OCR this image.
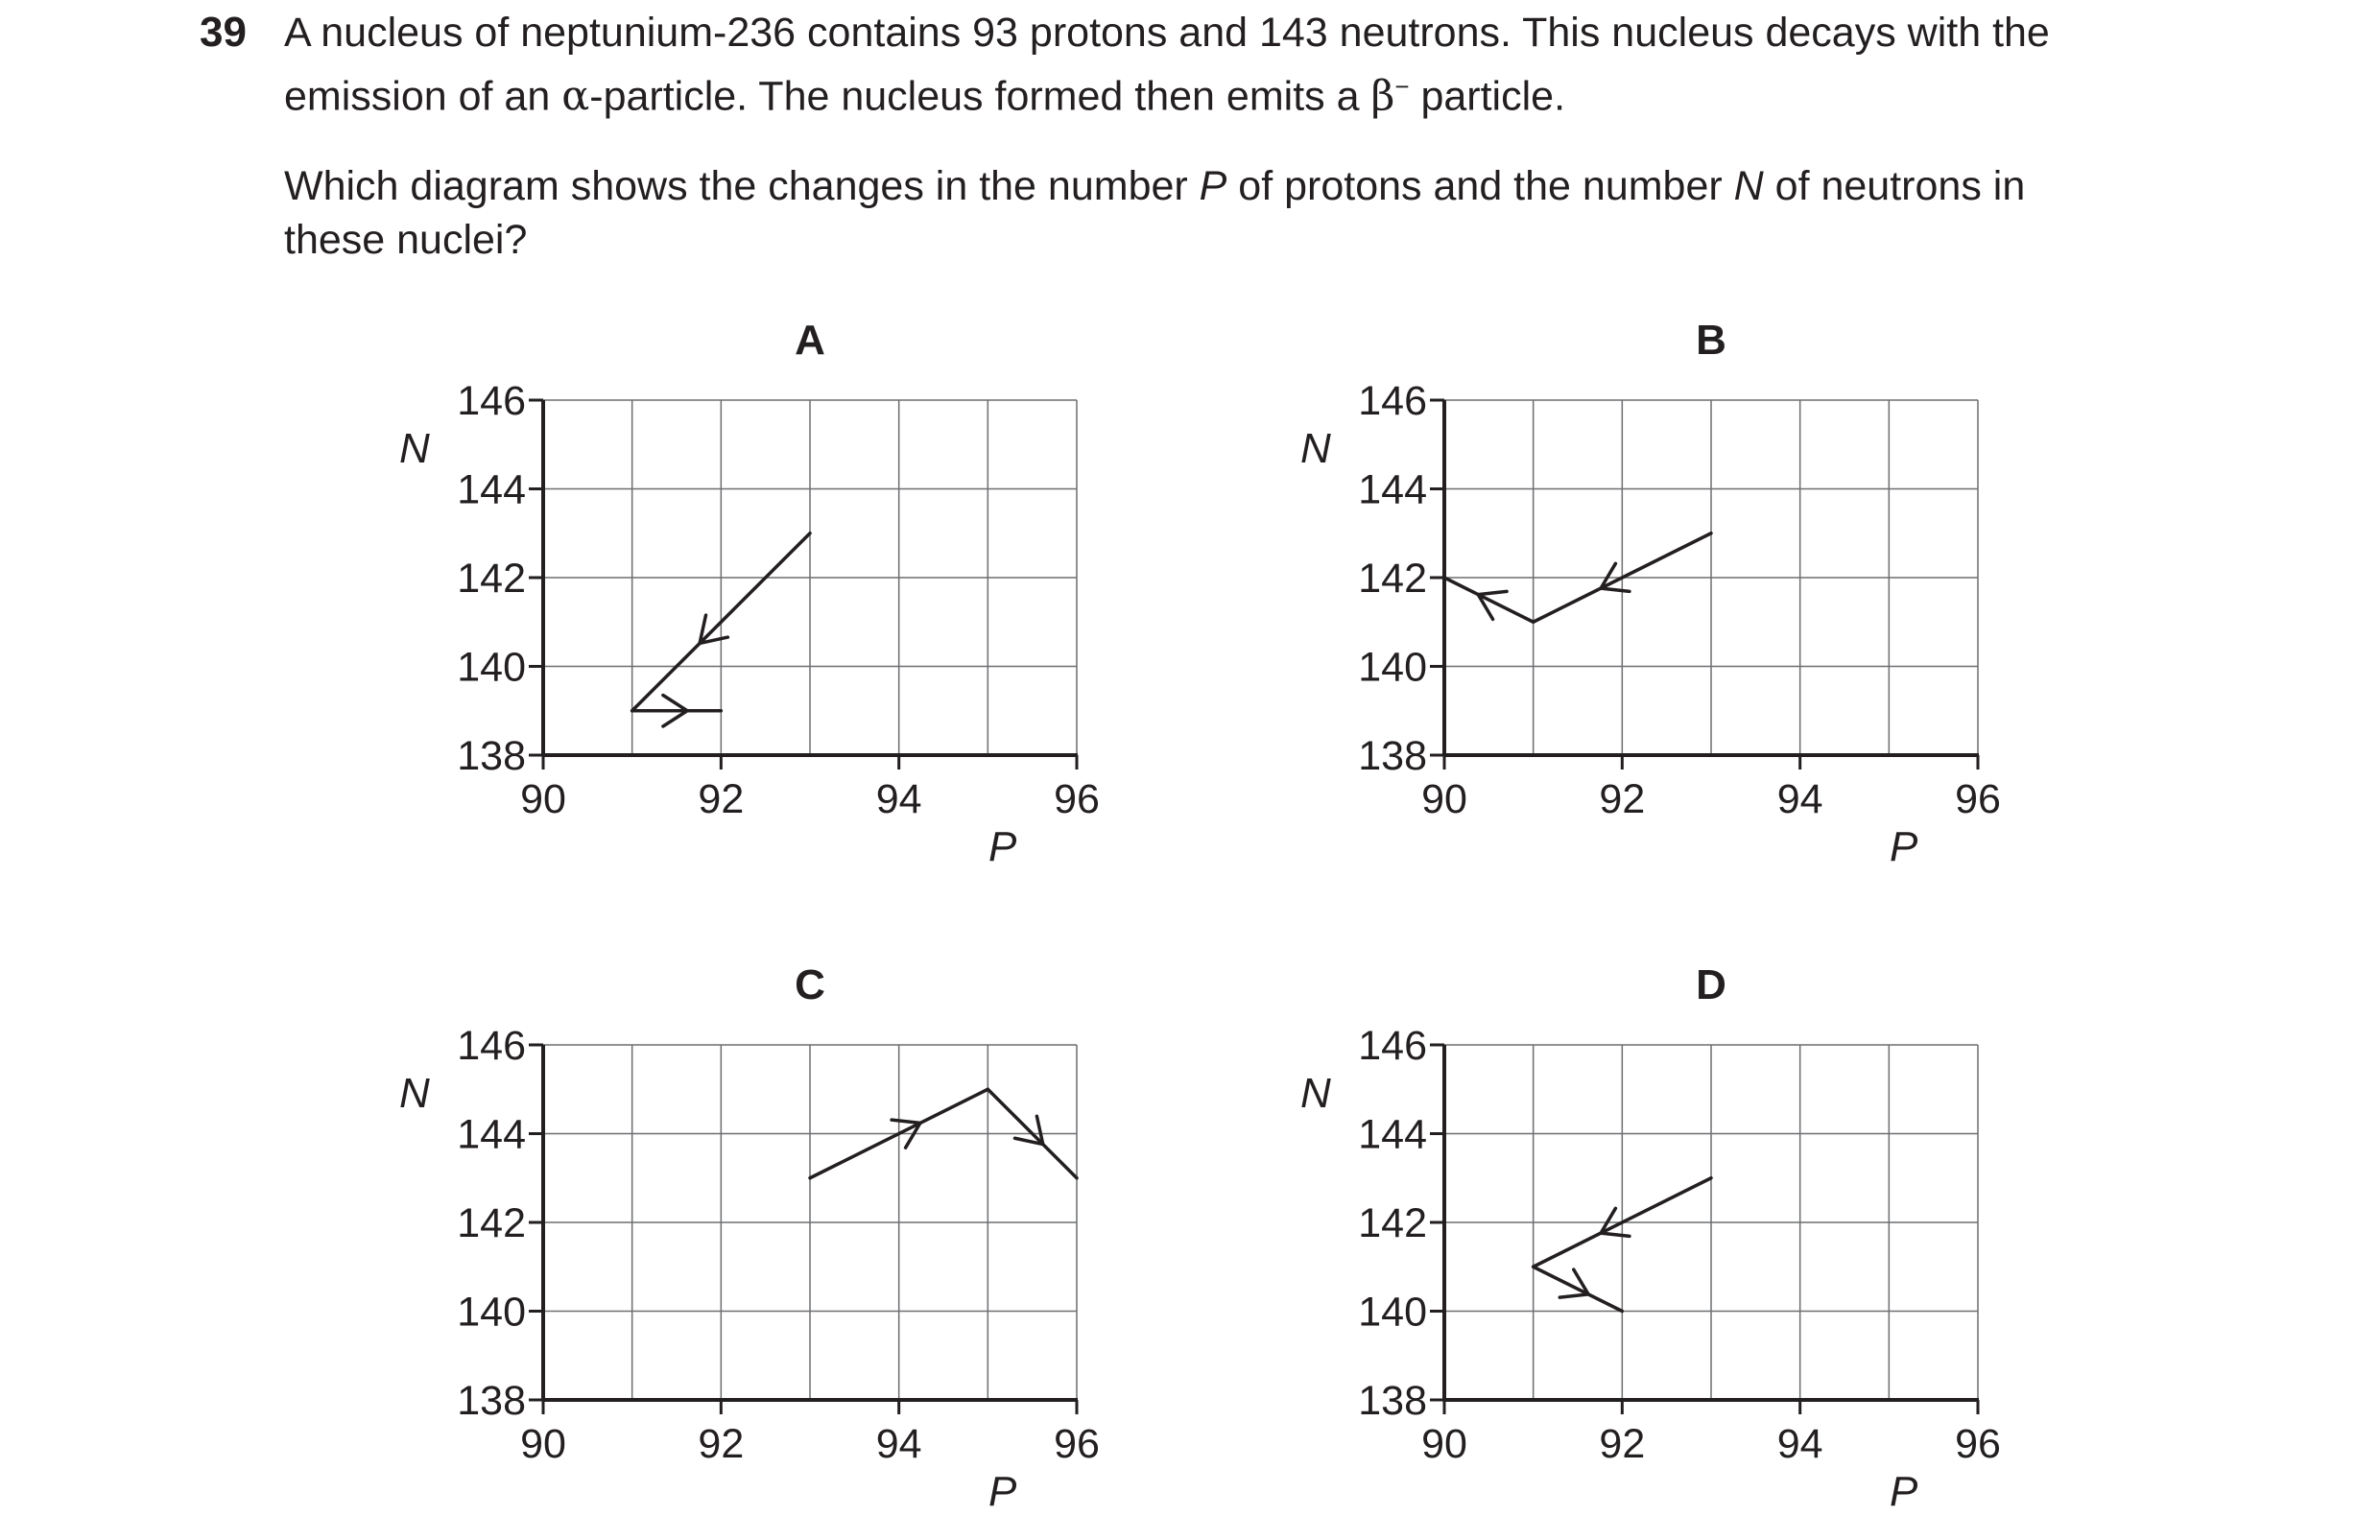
39 A nucleus of neptunium-236 contains 93 protons and 143 neutrons. This nucleus decays with the

emission of an α-particle. The nucleus formed then emits a β− particle.

Which diagram shows the changes in the number P of protons and the number N of neutrons in

these nuclei?

90	92	94	96
146
144
142
140
138
N
P
A
90	92	94	96
146
144
142
140
138
N
P
B
90	92	94	96
146
144
142
140
138
N
P
C
90	92	94	96
146
144
142
140
138
N
P
D
